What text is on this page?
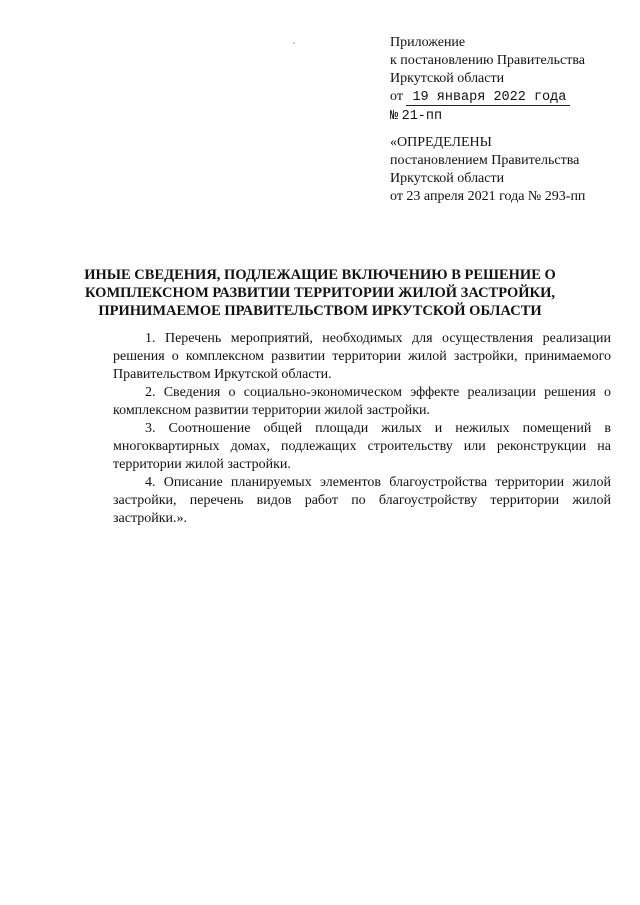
Приложение
к постановлению Правительства
Иркутской области
от 19 января 2022 года
№ 21-пп
«ОПРЕДЕЛЕНЫ
постановлением Правительства
Иркутской области
от 23 апреля 2021 года № 293-пп
ИНЫЕ СВЕДЕНИЯ, ПОДЛЕЖАЩИЕ ВКЛЮЧЕНИЮ В РЕШЕНИЕ О
КОМПЛЕКСНОМ РАЗВИТИИ ТЕРРИТОРИИ ЖИЛОЙ ЗАСТРОЙКИ,
ПРИНИМАЕМОЕ ПРАВИТЕЛЬСТВОМ ИРКУТСКОЙ ОБЛАСТИ

1. Перечень мероприятий, необходимых для осуществления реализации решения о комплексном развитии территории жилой застройки, принимаемого Правительством Иркутской области.

2. Сведения о социально-экономическом эффекте реализации решения о комплексном развитии территории жилой застройки.

3. Соотношение общей площади жилых и нежилых помещений в многоквартирных домах, подлежащих строительству или реконструкции на территории жилой застройки.

4. Описание планируемых элементов благоустройства территории жилой застройки, перечень видов работ по благоустройству территории жилой застройки.».
